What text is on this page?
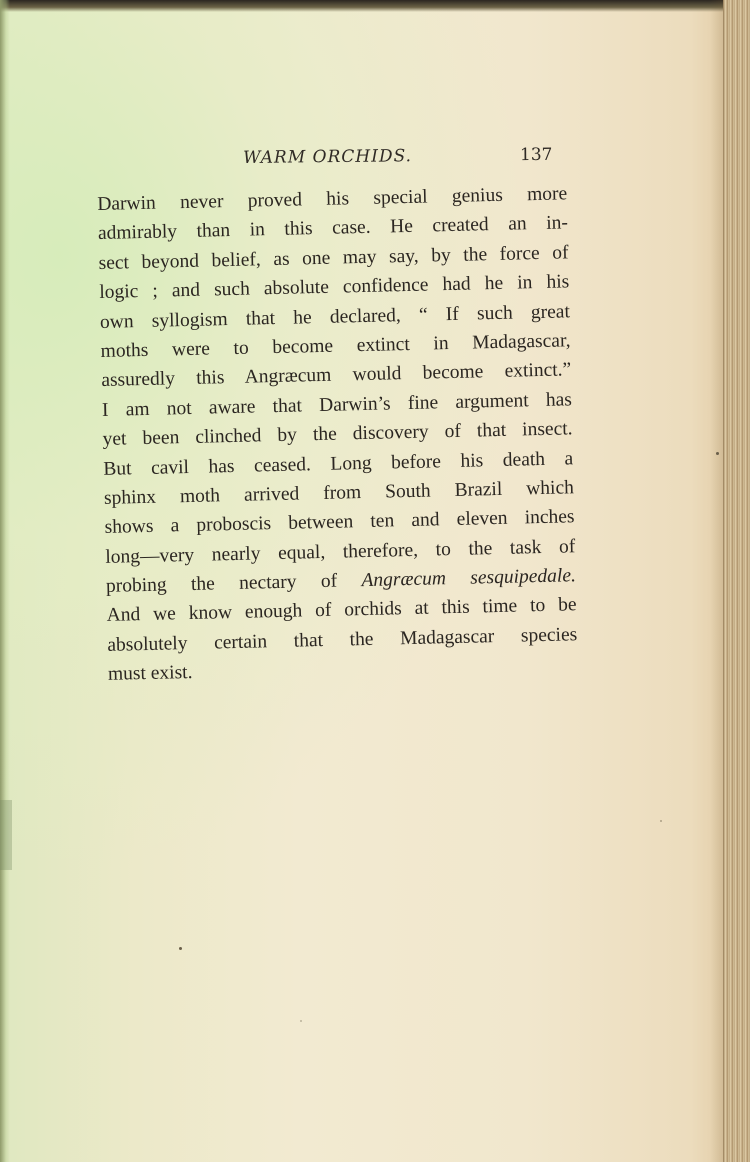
WARM ORCHIDS.	137
Darwin never proved his special genius more
admirably than in this case. He created an in-
sect beyond belief, as one may say, by the force of
logic ; and such absolute confidence had he in his
own syllogism that he declared, “ If such great
moths were to become extinct in Madagascar,
assuredly this Angræcum would become extinct.”
I am not aware that Darwin’s fine argument has
yet been clinched by the discovery of that insect.
But cavil has ceased. Long before his death a
sphinx moth arrived from South Brazil which
shows a proboscis between ten and eleven inches
long—very nearly equal, therefore, to the task of
probing the nectary of Angræcum sesquipedale.
And we know enough of orchids at this time to be
absolutely certain that the Madagascar species
must exist.
